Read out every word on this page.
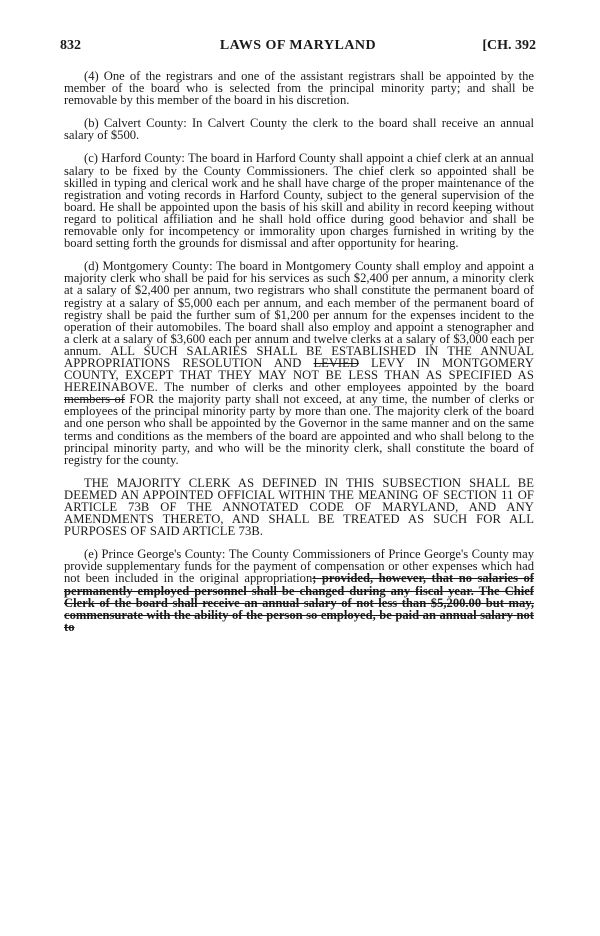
832	LAWS OF MARYLAND	[CH. 392

(4) One of the registrars and one of the assistant registrars shall be appointed by the member of the board who is selected from the principal minority party; and shall be removable by this member of the board in his discretion.

(b) Calvert County: In Calvert County the clerk to the board shall receive an annual salary of $500.

(c) Harford County: The board in Harford County shall appoint a chief clerk at an annual salary to be fixed by the County Commissioners. The chief clerk so appointed shall be skilled in typing and clerical work and he shall have charge of the proper maintenance of the registration and voting records in Harford County, subject to the general supervision of the board. He shall be appointed upon the basis of his skill and ability in record keeping without regard to political affiliation and he shall hold office during good behavior and shall be removable only for incompetency or immorality upon charges furnished in writing by the board setting forth the grounds for dismissal and after opportunity for hearing.

(d) Montgomery County: The board in Montgomery County shall employ and appoint a majority clerk who shall be paid for his services as such $2,400 per annum, a minority clerk at a salary of $2,400 per annum, two registrars who shall constitute the permanent board of registry at a salary of $5,000 each per annum, and each member of the permanent board of registry shall be paid the further sum of $1,200 per annum for the expenses incident to the operation of their automobiles. The board shall also employ and appoint a stenographer and a clerk at a salary of $3,600 each per annum and twelve clerks at a salary of $3,000 each per annum. ALL SUCH SALARIES SHALL BE ESTABLISHED IN THE ANNUAL APPROPRIATIONS RESOLUTION AND LEVIED LEVY IN MONTGOMERY COUNTY, EXCEPT THAT THEY MAY NOT BE LESS THAN AS SPECIFIED AS HEREINABOVE. The number of clerks and other employees appointed by the board members of FOR the majority party shall not exceed, at any time, the number of clerks or employees of the principal minority party by more than one. The majority clerk of the board and one person who shall be appointed by the Governor in the same manner and on the same terms and conditions as the members of the board are appointed and who shall belong to the principal minority party, and who will be the minority clerk, shall constitute the board of registry for the county.

THE MAJORITY CLERK AS DEFINED IN THIS SUBSECTION SHALL BE DEEMED AN APPOINTED OFFICIAL WITHIN THE MEANING OF SECTION 11 OF ARTICLE 73B OF THE ANNOTATED CODE OF MARYLAND, AND ANY AMENDMENTS THERETO, AND SHALL BE TREATED AS SUCH FOR ALL PURPOSES OF SAID ARTICLE 73B.

(e) Prince George's County: The County Commissioners of Prince George's County may provide supplementary funds for the payment of compensation or other expenses which had not been included in the original appropriation; provided, however, that no salaries of permanently employed personnel shall be changed during any fiscal year. The Chief Clerk of the board shall receive an annual salary of not less than $5,200.00 but may, commensurate with the ability of the person so employed, be paid an annual salary not to
